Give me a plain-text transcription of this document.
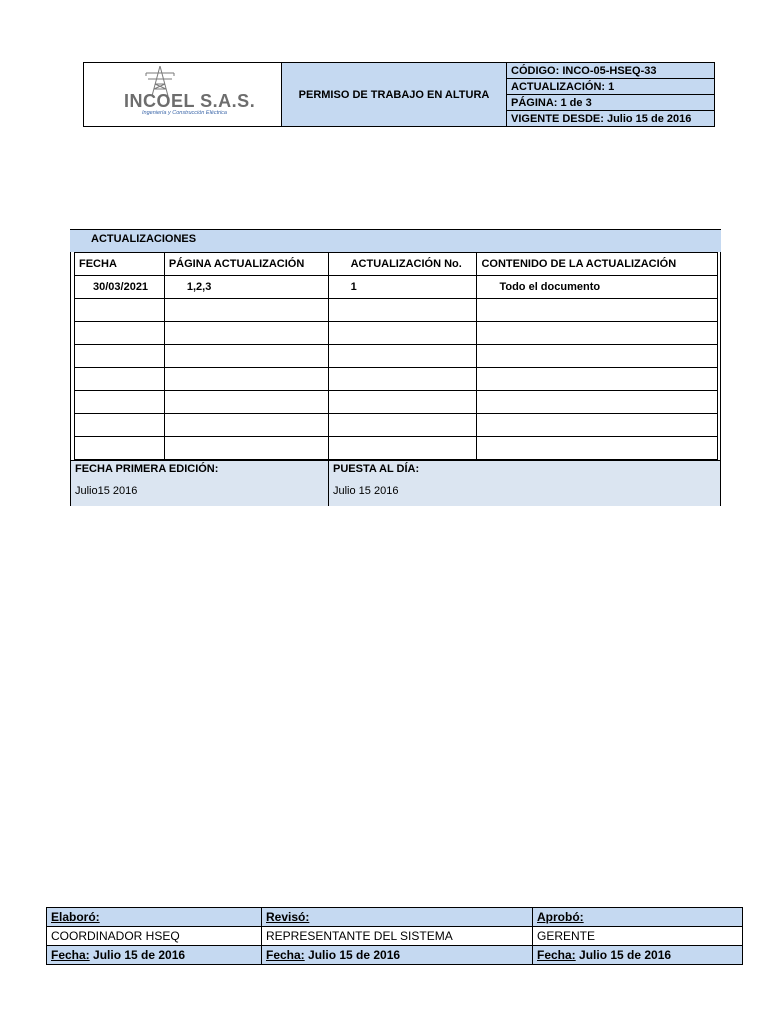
INCOEL S.A.S.
Ingeniería y Construcción Eléctrica
	PERMISO DE TRABAJO EN ALTURA	CÓDIGO: INCO-05-HSEQ-33
ACTUALIZACIÓN: 1
PÁGINA: 1 de 3
VIGENTE DESDE: Julio 15 de 2016
ACTUALIZACIONES
FECHA	PÁGINA ACTUALIZACIÓN	ACTUALIZACIÓN No.	CONTENIDO DE LA ACTUALIZACIÓN
30/03/2021	1,2,3	1	Todo el documento

FECHA PRIMERA EDICIÓN:
Julio15 2016
PUESTA AL DÍA:
Julio 15 2016
Elaboró:	Revisó:	Aprobó:
COORDINADOR HSEQ	REPRESENTANTE DEL SISTEMA	GERENTE
Fecha: Julio 15 de 2016	Fecha: Julio 15 de 2016	Fecha: Julio 15 de 2016
